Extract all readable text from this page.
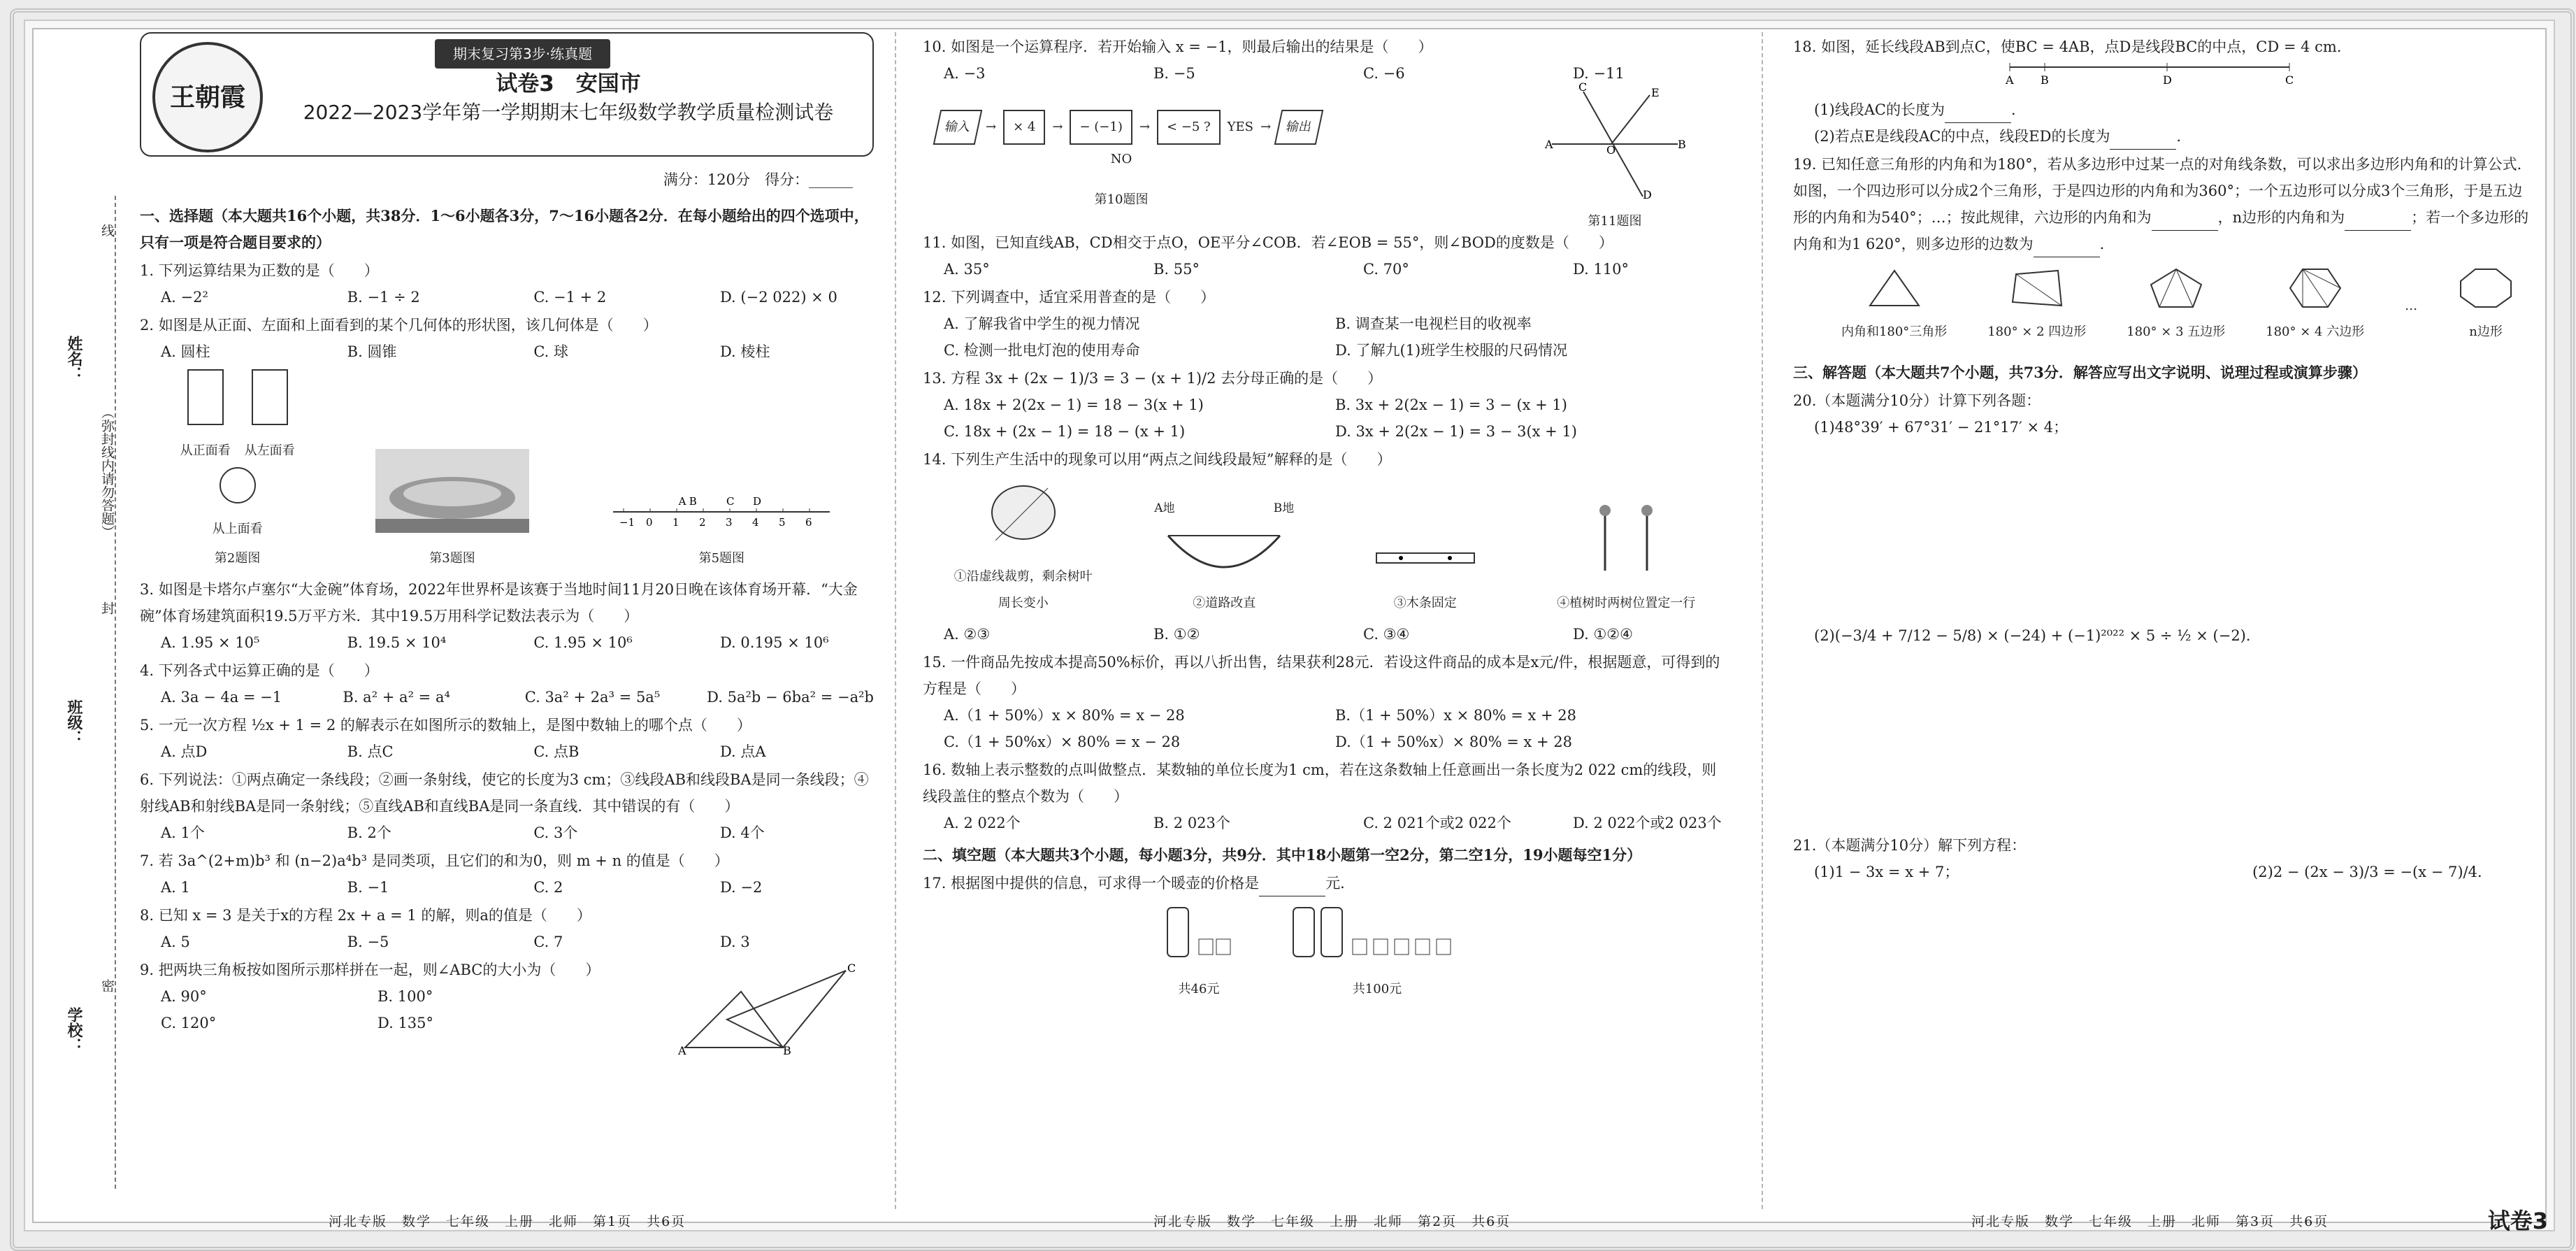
姓名：
（弥封线内请勿答题）
班级：
学校：
线
封
密
王朝霞
期末复习第3步·练真题
试卷3　安国市
2022—2023学年第一学期期末七年级数学教学质量检测试卷
满分：120分　得分：______
一、选择题（本大题共16个小题，共38分．1～6小题各3分，7～16小题各2分．在每小题给出的四个选项中，只有一项是符合题目要求的）
1. 下列运算结果为正数的是（　　）
A. −2²	B. −1 ÷ 2	C. −1 + 2	D. (−2 022) × 0
2. 如图是从正面、左面和上面看到的某个几何体的形状图，该几何体是（　　）
A. 圆柱	B. 圆锥	C. 球	D. 棱柱
从正面看 从左面看
从上面看
第2题图	第3题图
−1 0 1 2 3 4 5 6
A B	C D
第5题图
3. 如图是卡塔尔卢塞尔“大金碗”体育场，2022年世界杯是该赛于当地时间11月20日晚在该体育场开幕．“大金碗”体育场建筑面积19.5万平方米．其中19.5万用科学记数法表示为（　　）
A. 1.95 × 10⁵	B. 19.5 × 10⁴	C. 1.95 × 10⁶	D. 0.195 × 10⁶
4. 下列各式中运算正确的是（　　）
A. 3a − 4a = −1	B. a² + a² = a⁴	C. 3a² + 2a³ = 5a⁵	D. 5a²b − 6ba² = −a²b
5. 一元一次方程 ½x + 1 = 2 的解表示在如图所示的数轴上，是图中数轴上的哪个点（　　）
A. 点D	B. 点C	C. 点B	D. 点A
6. 下列说法：①两点确定一条线段；②画一条射线，使它的长度为3 cm；③线段AB和线段BA是同一条线段；④射线AB和射线BA是同一条射线；⑤直线AB和直线BA是同一条直线．其中错误的有（　　）
A. 1个	B. 2个	C. 3个	D. 4个
7. 若 3a^(2+m)b³ 和 (n−2)a⁴b³ 是同类项，且它们的和为0，则 m + n 的值是（　　）
A. 1	B. −1	C. 2	D. −2
8. 已知 x = 3 是关于x的方程 2x + a = 1 的解，则a的值是（　　）
A. 5	B. −5	C. 7	D. 3
9. 把两块三角板按如图所示那样拼在一起，则∠ABC的大小为（　　）
A. 90°	B. 100°
C. 120°	D. 135°
A	B
C
10. 如图是一个运算程序．若开始输入 x = −1，则最后输出的结果是（　　）
A. −3	B. −5	C. −6	D. −11
输入	→	× 4	→	− (−1)	→	< −5 ?	YES →	输出
NO
第10题图
A	B
C
D
E
O
第11题图
11. 如图，已知直线AB，CD相交于点O，OE平分∠COB．若∠EOB = 55°，则∠BOD的度数是（　　）
A. 35°	B. 55°	C. 70°	D. 110°
12. 下列调查中，适宜采用普查的是（　　）
A. 了解我省中学生的视力情况	B. 调查某一电视栏目的收视率
C. 检测一批电灯泡的使用寿命	D. 了解九(1)班学生校服的尺码情况
13. 方程 3x + (2x − 1)/3 = 3 − (x + 1)/2 去分母正确的是（　　）
A. 18x + 2(2x − 1) = 18 − 3(x + 1)	B. 3x + 2(2x − 1) = 3 − (x + 1)
C. 18x + (2x − 1) = 18 − (x + 1)	D. 3x + 2(2x − 1) = 3 − 3(x + 1)
14. 下列生产生活中的现象可以用“两点之间线段最短”解释的是（　　）
①沿虚线裁剪，剩余树叶周长变小
A地	B地
②道路改直	③木条固定	④植树时两树位置定一行
A. ②③	B. ①②	C. ③④	D. ①②④
15. 一件商品先按成本提高50%标价，再以八折出售，结果获利28元．若设这件商品的成本是x元/件，根据题意，可得到的方程是（　　）
A.（1 + 50%）x × 80% = x − 28	B.（1 + 50%）x × 80% = x + 28
C.（1 + 50%x）× 80% = x − 28	D.（1 + 50%x）× 80% = x + 28
16. 数轴上表示整数的点叫做整点．某数轴的单位长度为1 cm，若在这条数轴上任意画出一条长度为2 022 cm的线段，则线段盖住的整点个数为（　　）
A. 2 022个	B. 2 023个	C. 2 021个或2 022个	D. 2 022个或2 023个
二、填空题（本大题共3个小题，每小题3分，共9分．其中18小题第一空2分，第二空1分，19小题每空1分）
17. 根据图中提供的信息，可求得一个暖壶的价格是	元．
共46元	共100元
18. 如图，延长线段AB到点C，使BC = 4AB，点D是线段BC的中点，CD = 4 cm．
A B	D	C
(1)线段AC的长度为	．
(2)若点E是线段AC的中点，线段ED的长度为	．
19. 已知任意三角形的内角和为180°，若从多边形中过某一点的对角线条数，可以求出多边形内角和的计算公式．如图，一个四边形可以分成2个三角形，于是四边形的内角和为360°；一个五边形可以分成3个三角形，于是五边形的内角和为540°；…；按此规律，六边形的内角和为	，n边形的内角和为	；若一个多边形的内角和为1 620°，则多边形的边数为	．
内角和180°三角形	180° × 2 四边形	180° × 3 五边形	180° × 4 六边形
…
n边形
三、解答题（本大题共7个小题，共73分．解答应写出文字说明、说理过程或演算步骤）
20.（本题满分10分）计算下列各题：
(1)48°39′ + 67°31′ − 21°17′ × 4；
(2)(−3/4 + 7/12 − 5/8) × (−24) + (−1)²⁰²² × 5 ÷ ½ × (−2)．
21.（本题满分10分）解下列方程：
(1)1 − 3x = x + 7；	(2)2 − (2x − 3)/3 = −(x − 7)/4．
河北专版　数学　七年级　上册　北师　第1页　共6页	河北专版　数学　七年级　上册　北师　第2页　共6页	河北专版　数学　七年级　上册　北师　第3页　共6页	试卷3
